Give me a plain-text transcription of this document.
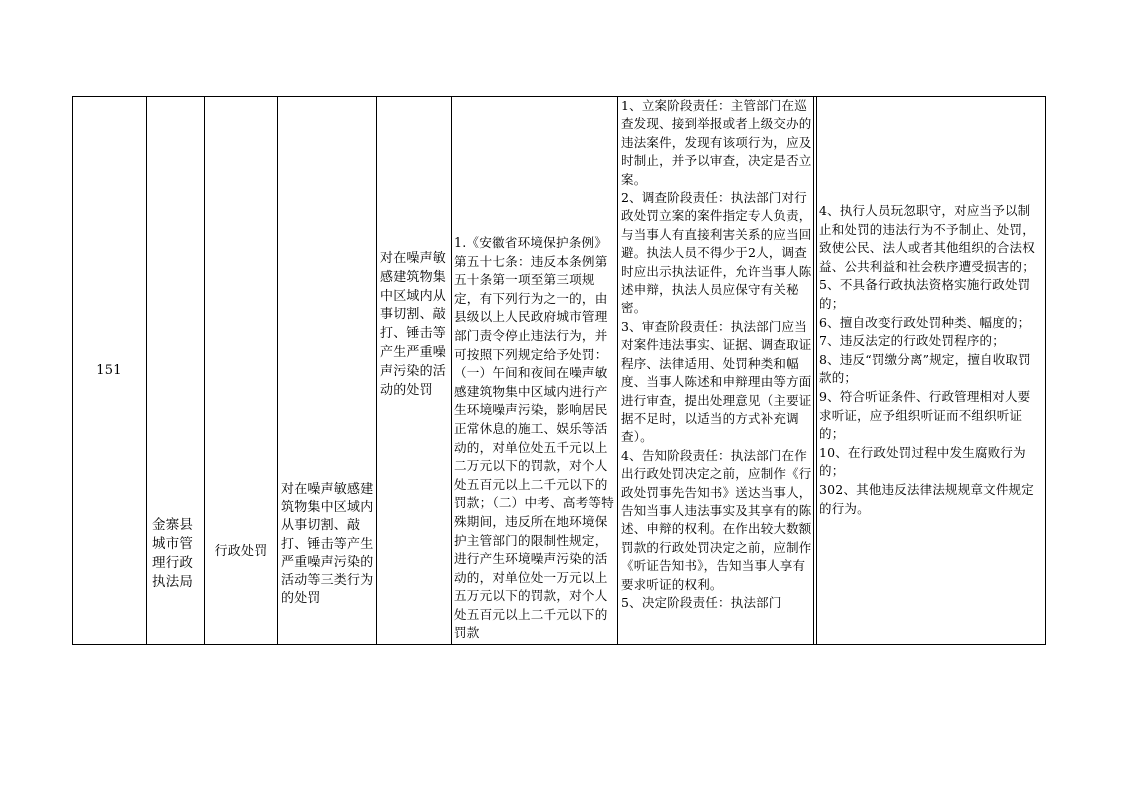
151
金寨县城市管理行政执法局
行政处罚
对在噪声敏感建筑物集中区域内从事切割、敲打、锤击等产生严重噪声污染的活动等三类行为的处罚
对在噪声敏感建筑物集中区域内从事切割、敲打、锤击等产生严重噪声污染的活动的处罚
1.《安徽省环境保护条例》第五十七条：违反本条例第五十条第一项至第三项规定，有下列行为之一的，由县级以上人民政府城市管理部门责令停止违法行为，并可按照下列规定给予处罚：（一）午间和夜间在噪声敏感建筑物集中区域内进行产生环境噪声污染，影响居民正常休息的施工、娱乐等活动的，对单位处五千元以上二万元以下的罚款，对个人处五百元以上二千元以下的罚款；（二）中考、高考等特殊期间，违反所在地环境保护主管部门的限制性规定，进行产生环境噪声污染的活动的，对单位处一万元以上五万元以下的罚款，对个人处五百元以上二千元以下的罚款
1、立案阶段责任：主管部门在巡查发现、接到举报或者上级交办的违法案件，发现有该项行为，应及时制止，并予以审查，决定是否立案。
2、调查阶段责任：执法部门对行政处罚立案的案件指定专人负责，与当事人有直接利害关系的应当回避。执法人员不得少于2人，调查时应出示执法证件，允许当事人陈述申辩，执法人员应保守有关秘密。
3、审查阶段责任：执法部门应当对案件违法事实、证据、调查取证程序、法律适用、处罚种类和幅度、当事人陈述和申辩理由等方面进行审查，提出处理意见（主要证据不足时，以适当的方式补充调查）。
4、告知阶段责任：执法部门在作出行政处罚决定之前，应制作《行政处罚事先告知书》送达当事人，告知当事人违法事实及其享有的陈述、申辩的权利。在作出较大数额罚款的行政处罚决定之前，应制作《听证告知书》，告知当事人享有要求听证的权利。
5、决定阶段责任：执法部门
4、执行人员玩忽职守，对应当予以制止和处罚的违法行为不予制止、处罚，致使公民、法人或者其他组织的合法权益、公共利益和社会秩序遭受损害的；
5、不具备行政执法资格实施行政处罚的；
6、擅自改变行政处罚种类、幅度的；
7、违反法定的行政处罚程序的；
8、违反“罚缴分离”规定，擅自收取罚款的；
9、符合听证条件、行政管理相对人要求听证，应予组织听证而不组织听证的；
10、在行政处罚过程中发生腐败行为的；
302、其他违反法律法规规章文件规定的行为。
